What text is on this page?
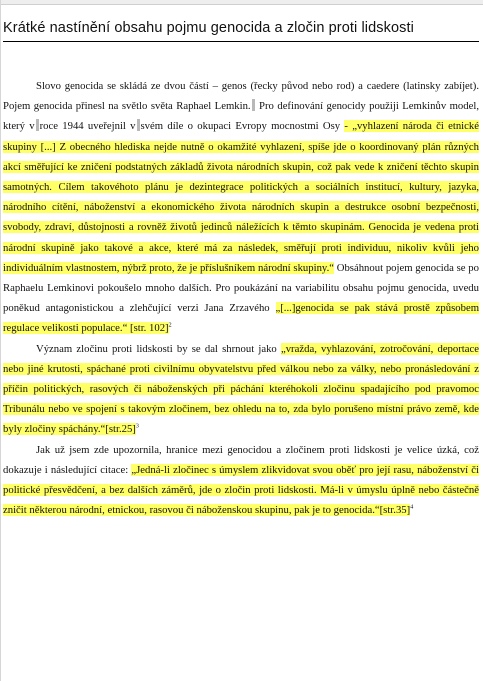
Krátké nastínění obsahu pojmu genocida a zločin proti lidskosti

Slovo genocida se skládá ze dvou částí – genos (řecky původ nebo rod) a caedere (latinsky zabíjet). Pojem genocida přinesl na světlo světa Raphael Lemkin. Pro definování genocidy použiji Lemkinův model, který v roce 1944 uveřejnil v svém díle o okupaci Evropy mocnostmi Osy - „vyhlazení národa či etnické skupiny [...] Z obecného hlediska nejde nutně o okamžité vyhlazení, spíše jde o koordinovaný plán různých akcí směřující ke zničení podstatných základů života národních skupin, což pak vede k zničení těchto skupin samotných. Cílem takovéhoto plánu je dezintegrace politických a sociálních institucí, kultury, jazyka, národního cítění, náboženství a ekonomického života národních skupin a destrukce osobní bezpečnosti, svobody, zdraví, důstojnosti a rovněž životů jedinců náležících k těmto skupinám. Genocida je vedena proti národní skupině jako takové a akce, které má za následek, směřují proti individuu, nikoliv kvůli jeho individuálním vlastnostem, nýbrž proto, že je příslušníkem národní skupiny.“ Obsáhnout pojem genocida se po Raphaelu Lemkinovi pokoušelo mnoho dalších. Pro poukázání na variabilitu obsahu pojmu genocida, uvedu poněkud antagonistickou a zlehčující verzi Jana Zrzavého „[...]genocida se pak stává prostě způsobem regulace velikosti populace.“ [str. 102]$^2$

Význam zločinu proti lidskosti by se dal shrnout jako „vražda, vyhlazování, zotročování, deportace nebo jiné krutosti, spáchané proti civilnímu obyvatelstvu před válkou nebo za války, nebo pronásledování z příčin politických, rasových či náboženských při páchání kteréhokoli zločinu spadajícího pod pravomoc Tribunálu nebo ve spojení s takovým zločinem, bez ohledu na to, zda bylo porušeno místní právo země, kde byly zločiny spáchány.“[str.25]$^3$

Jak už jsem zde upozornila, hranice mezi genocidou a zločinem proti lidskosti je velice úzká, což dokazuje i následující citace: „Jedná-li zločinec s úmyslem zlikvidovat svou oběť pro její rasu, náboženství či politické přesvědčení, a bez dalších záměrů, jde o zločin proti lidskosti. Má-li v úmyslu úplně nebo částečně zničit některou národní, etnickou, rasovou či náboženskou skupinu, pak je to genocida.“[str.35]$^4$
